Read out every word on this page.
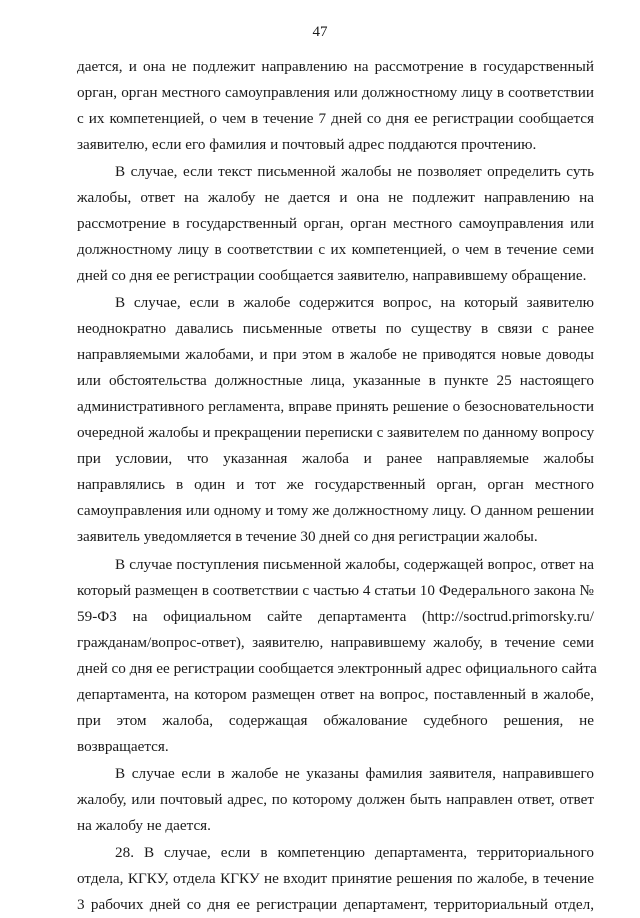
47
дается, и она не подлежит направлению на рассмотрение в государственный
орган, орган местного самоуправления или должностному лицу в соответствии
с их компетенцией, о чем в течение 7 дней со дня ее регистрации сообщается
заявителю, если его фамилия и почтовый адрес поддаются прочтению.
В случае, если текст письменной жалобы не позволяет определить суть
жалобы, ответ на жалобу не дается и она не подлежит направлению на
рассмотрение в государственный орган, орган местного самоуправления или
должностному лицу в соответствии с их компетенцией, о чем в течение семи
дней со дня ее регистрации сообщается заявителю, направившему обращение.
В случае, если в жалобе содержится вопрос, на который заявителю
неоднократно давались письменные ответы по существу в связи с ранее
направляемыми жалобами, и при этом в жалобе не приводятся новые доводы
или обстоятельства должностные лица, указанные в пункте 25 настоящего
административного регламента, вправе принять решение о безосновательности
очередной жалобы и прекращении переписки с заявителем по данному вопросу
при условии, что указанная жалоба и ранее направляемые жалобы
направлялись в один и тот же государственный орган, орган местного
самоуправления или одному и тому же должностному лицу. О данном решении
заявитель уведомляется в течение 30 дней со дня регистрации жалобы.
В случае поступления письменной жалобы, содержащей вопрос, ответ на
который размещен в соответствии с частью 4 статьи 10 Федерального закона №
59-ФЗ на официальном сайте департамента (http://soctrud.primorsky.ru/
гражданам/вопрос-ответ), заявителю, направившему жалобу, в течение семи
дней со дня ее регистрации сообщается электронный адрес официального сайта
департамента, на котором размещен ответ на вопрос, поставленный в жалобе,
при этом жалоба, содержащая обжалование судебного решения, не
возвращается.
В случае если в жалобе не указаны фамилия заявителя, направившего
жалобу, или почтовый адрес, по которому должен быть направлен ответ, ответ
на жалобу не дается.
28. В случае, если в компетенцию департамента, территориального
отдела, КГКУ, отдела КГКУ не входит принятие решения по жалобе, в течение
3 рабочих дней со дня ее регистрации департамент, территориальный отдел,
